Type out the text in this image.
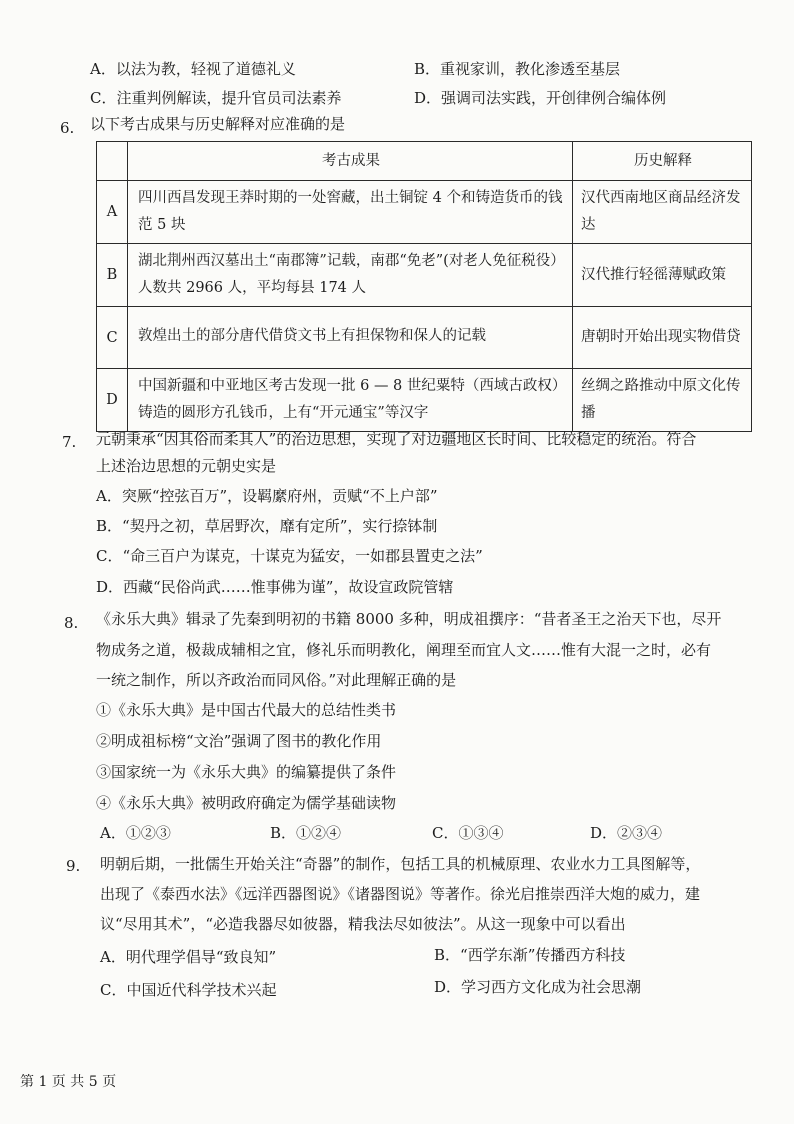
A．以法为教，轻视了道德礼义	B．重视家训，教化渗透至基层
C．注重判例解读，提升官员司法素养	D．强调司法实践，开创律例合编体例
6. 以下考古成果与历史解释对应准确的是
	考古成果	历史解释
A	四川西昌发现王莽时期的一处窖藏，出土铜锭 4 个和铸造货币的钱范 5 块	汉代西南地区商品经济发达
B	湖北荆州西汉墓出土“南郡簿”记载，南郡“免老”(对老人免征税役）人数共 2966 人，平均每县 174 人	汉代推行轻徭薄赋政策
C	敦煌出土的部分唐代借贷文书上有担保物和保人的记载	唐朝时开始出现实物借贷
D	中国新疆和中亚地区考古发现一批 6 — 8 世纪粟特（西域古政权）铸造的圆形方孔钱币，上有“开元通宝”等汉字	丝绸之路推动中原文化传播
7. 元朝秉承“因其俗而柔其人”的治边思想，实现了对边疆地区长时间、比较稳定的统治。符合
上述治边思想的元朝史实是
A．突厥“控弦百万”，设羁縻府州，贡赋“不上户部”
B．“契丹之初，草居野次，靡有定所”，实行捺钵制
C．“命三百户为谋克，十谋克为猛安，一如郡县置吏之法”
D．西藏“民俗尚武……惟事佛为谨”，故设宣政院管辖
8. 《永乐大典》辑录了先秦到明初的书籍 8000 多种，明成祖撰序：“昔者圣王之治天下也，尽开
物成务之道，极裁成辅相之宜，修礼乐而明教化，阐理至而宜人文……惟有大混一之时，必有
一统之制作，所以齐政治而同风俗。”对此理解正确的是
①《永乐大典》是中国古代最大的总结性类书
②明成祖标榜“文治”强调了图书的教化作用
③国家统一为《永乐大典》的编纂提供了条件
④《永乐大典》被明政府确定为儒学基础读物
A．①②③	B．①②④	C．①③④	D．②③④
9. 明朝后期，一批儒生开始关注“奇器”的制作，包括工具的机械原理、农业水力工具图解等，
出现了《泰西水法》《远洋西器图说》《诸器图说》等著作。徐光启推崇西洋大炮的威力，建
议“尽用其术”，“必造我器尽如彼器，精我法尽如彼法”。从这一现象中可以看出
A．明代理学倡导“致良知”	B．“西学东渐”传播西方科技
C．中国近代科学技术兴起	D．学习西方文化成为社会思潮
第 1 页 共 5 页
